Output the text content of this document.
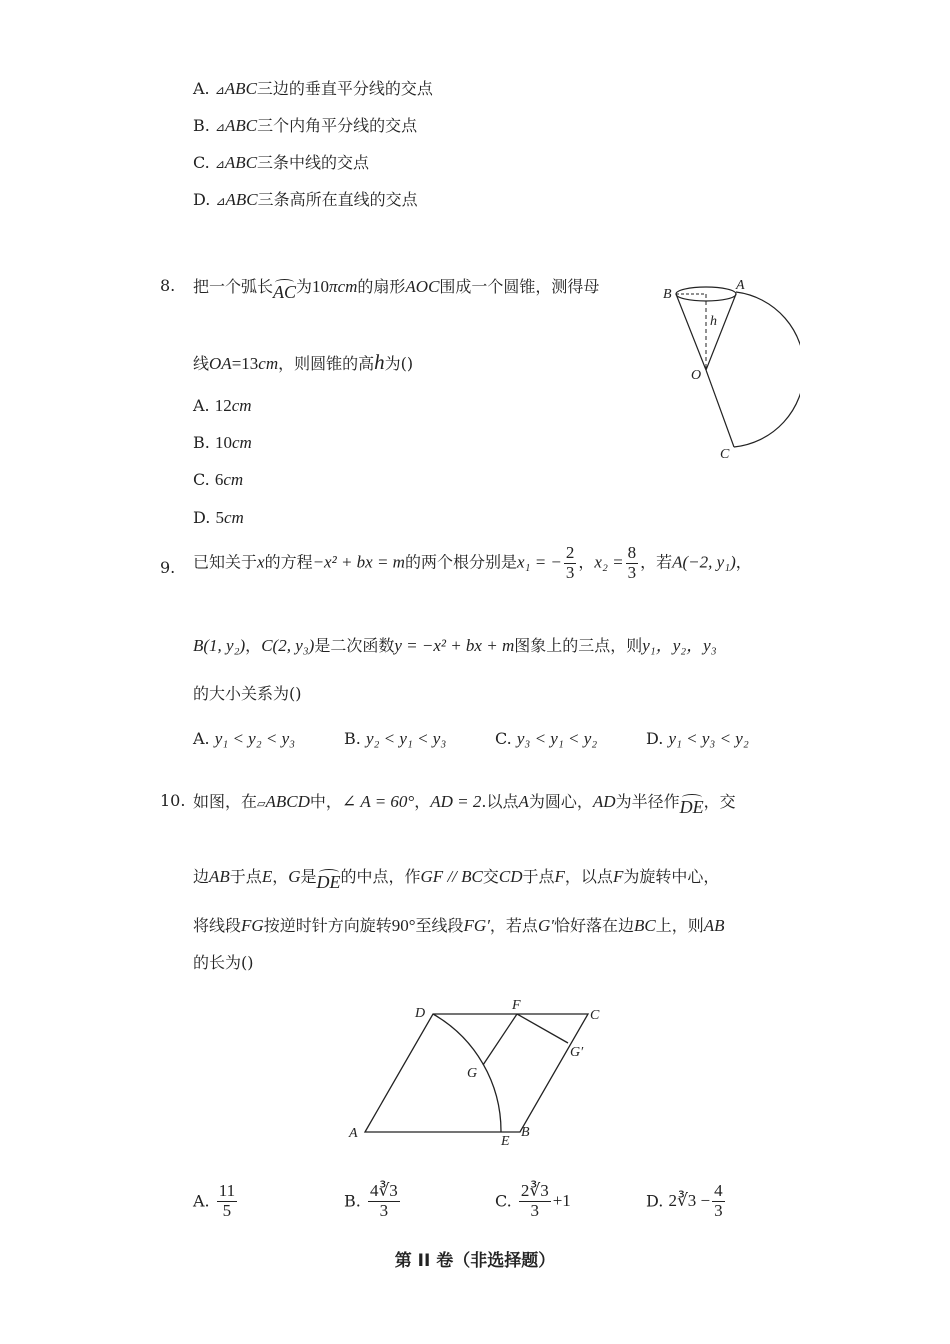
A. ⊿ABC三边的垂直平分线的交点
B. ⊿ABC三个内角平分线的交点
C. ⊿ABC三条中线的交点
D. ⊿ABC三条高所在直线的交点
8. 把一个弧长AC
为10πcm的扇形AOC围成一个圆锥，测得母
线OA=13cm，则圆锥的高h为()
A. 12cm
B. 10cm
C. 6cm
D. 5cm
B
A
h
O
C
9. 已知关于x的方程−x² + bx = m的两个根分别是x₁ = − $\frac{2}{3}$ ，$x_2 = \frac{8}{3}$ ，若A(−2, y₁)，
B(1, y₂)，C(2, y₃)是二次函数y = −x² + bx + m图象上的三点，则y₁，y₂，y₃
的大小关系为()
A. y₁ < y₂ < y₃	B. y₂ < y₁ < y₃	C. y₃ < y₁ < y₂	D. y₁ < y₃ < y₂
10. 如图，在▱ABCD中，∠ A = 60°，AD = 2.以点A为圆心，AD为半径作DE
，交
边AB于点E，G是DE
的中点，作GF // BC交CD于点F，以点F为旋转中心，
将线段FG按逆时针方向旋转90°至线段FG′，若点G′恰好落在边BC上，则AB
的长为()
D
F
C
G
G′
A
E
B
A. $\frac{11}{5}$	B. $\frac{4∛3}{3}$	C. $\frac{2∛3}{3} +1$	D. 2∛3 − $\frac{4}{3}$
第 II 卷（非选择题）
